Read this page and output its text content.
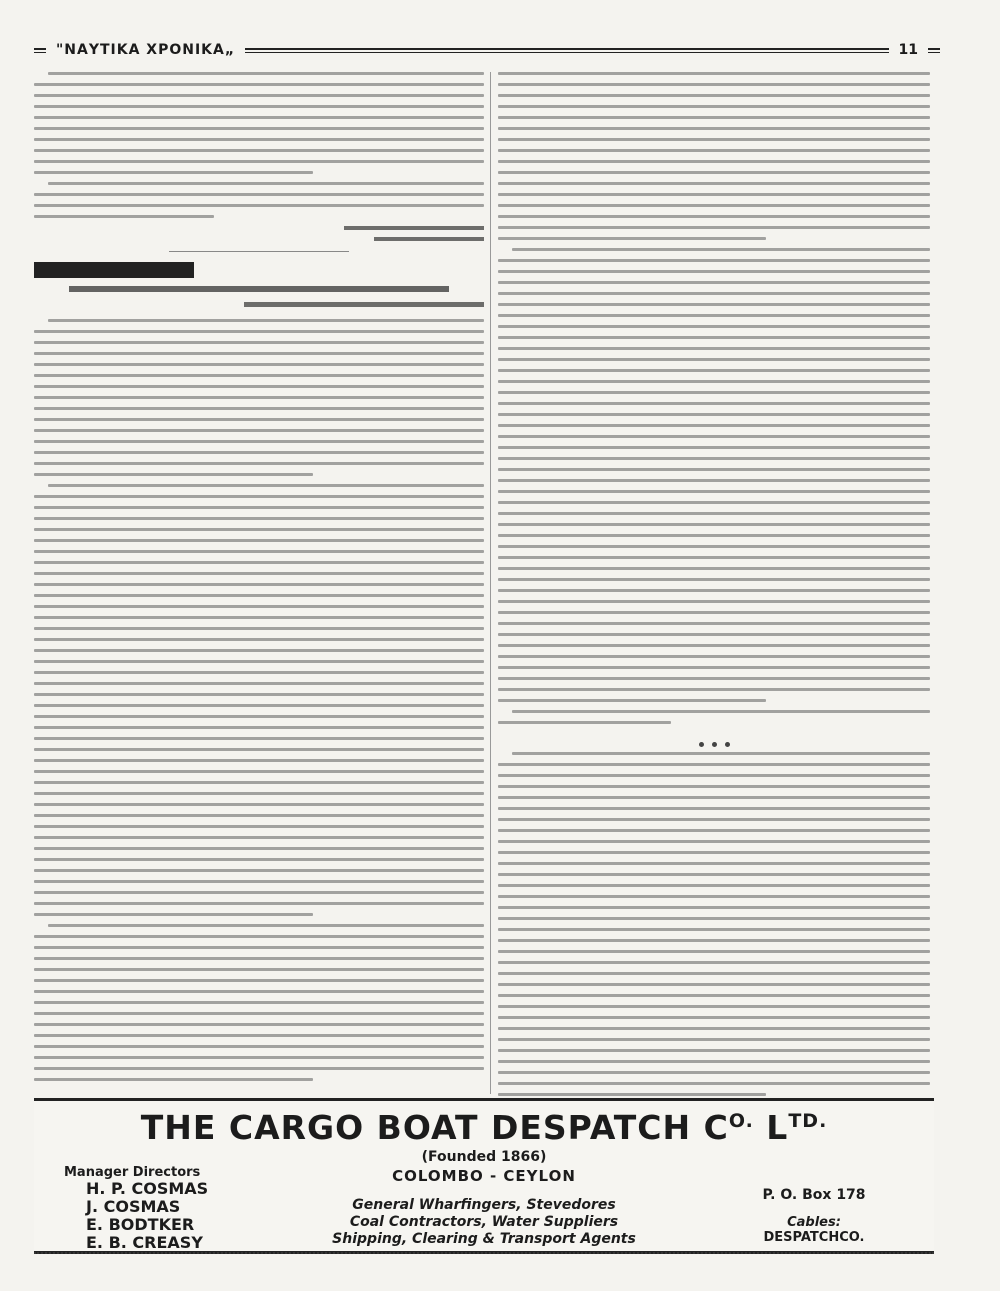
"ΝΑΥΤΙΚΑ ΧΡΟΝΙΚΑ„	11
THE CARGO BOAT DESPATCH $C^{O.}$ $L^{TD.}$
(Founded 1866)
COLOMBO - CEYLON
Manager Directors
H. P. COSMAS
J. COSMAS
E. BODTKER
E. B. CREASY
General Wharfingers, Stevedores
Coal Contractors, Water Suppliers
Shipping, Clearing & Transport Agents
P. O. Box 178
Cables:
DESPATCHCO.
